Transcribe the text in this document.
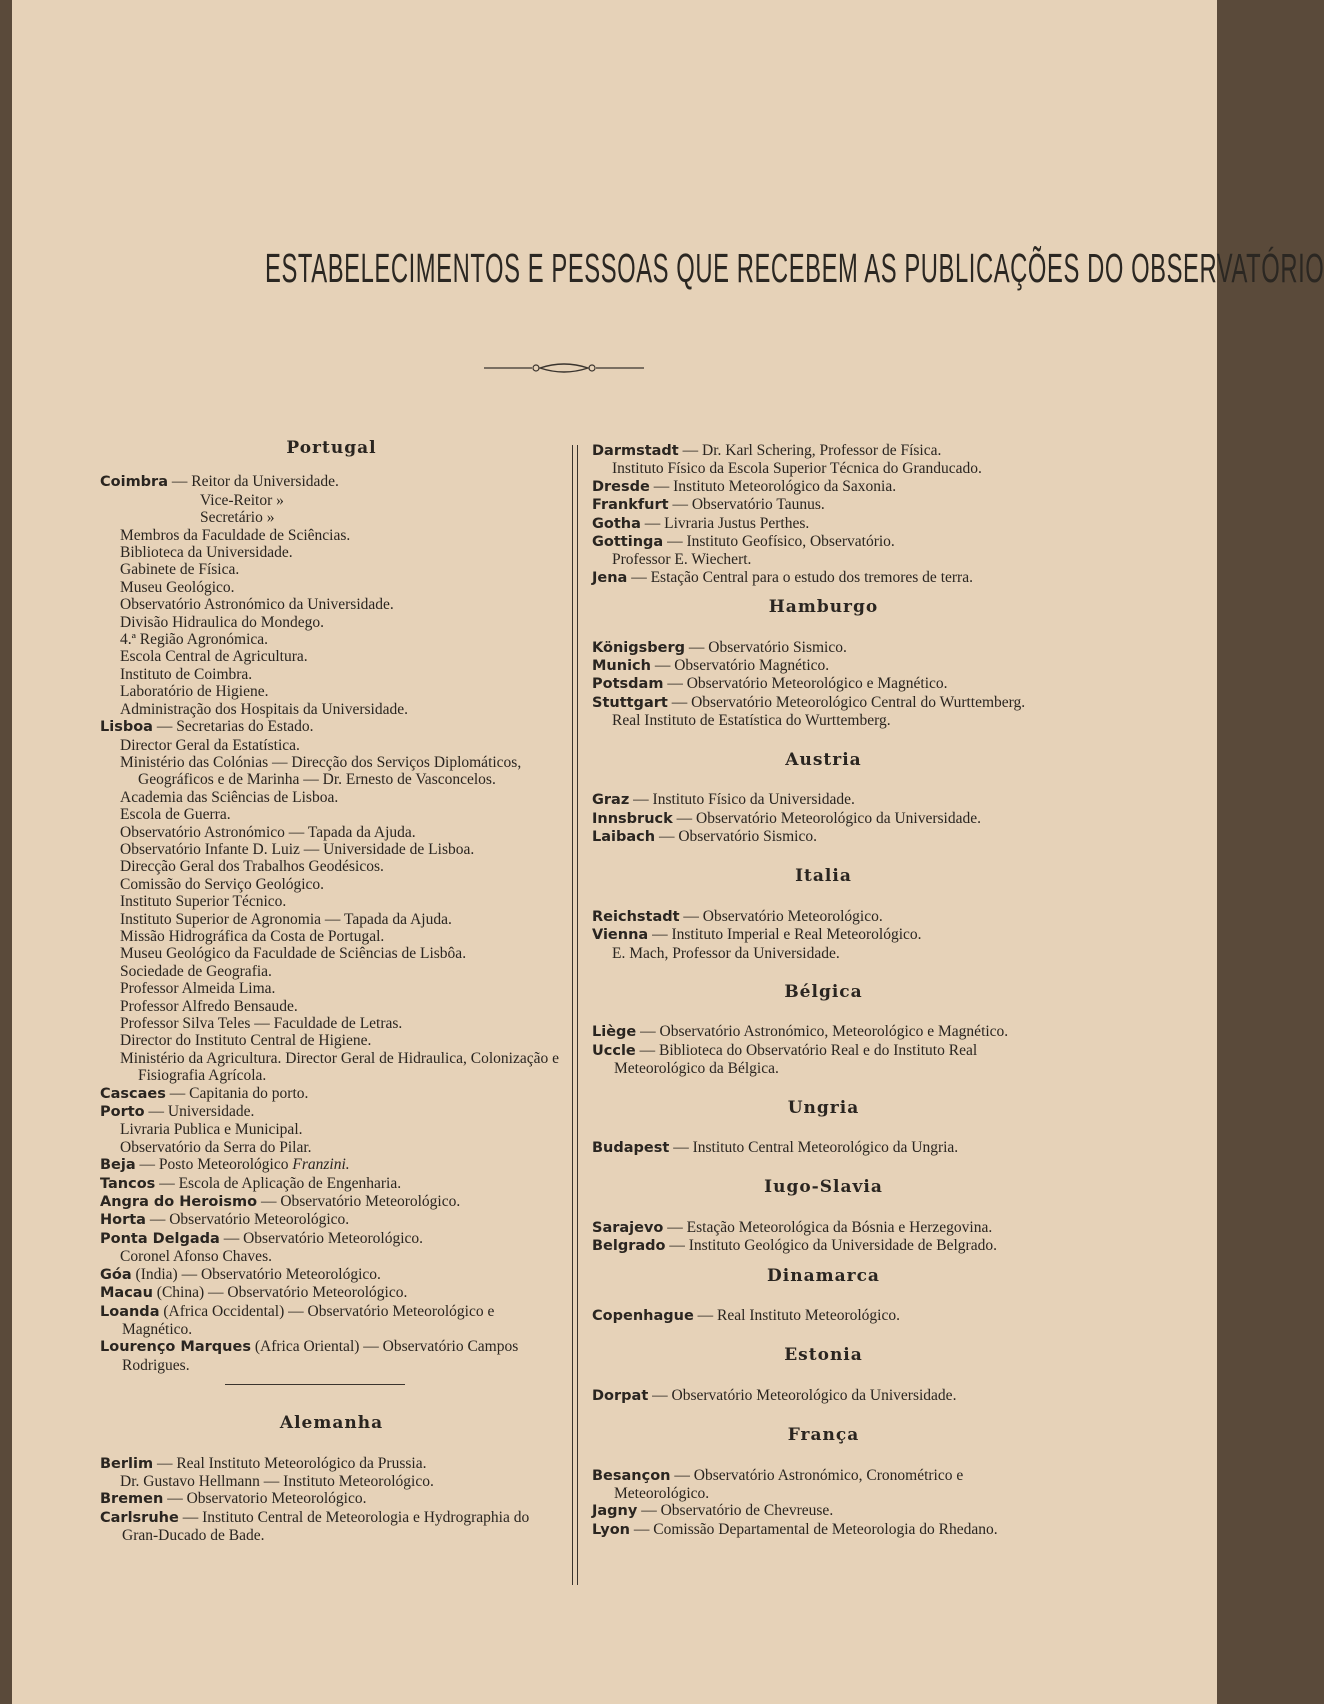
ESTABELECIMENTOS E PESSOAS QUE RECEBEM AS PUBLICAÇÕES DO OBSERVATÓRIO

Portugal

Coimbra — Reitor da Universidade.

Vice-Reitor »

Secretário »

Membros da Faculdade de Sciências.

Biblioteca da Universidade.

Gabinete de Física.

Museu Geológico.

Observatório Astronómico da Universidade.

Divisão Hidraulica do Mondego.

4.ª Região Agronómica.

Escola Central de Agricultura.

Instituto de Coimbra.

Laboratório de Higiene.

Administração dos Hospitais da Universidade.

Lisboa — Secretarias do Estado.

Director Geral da Estatística.

Ministério das Colónias — Direcção dos Serviços Diplomáticos, Geográficos e de Marinha — Dr. Ernesto de Vasconcelos.

Academia das Sciências de Lisboa.

Escola de Guerra.

Observatório Astronómico — Tapada da Ajuda.

Observatório Infante D. Luiz — Universidade de Lisboa.

Direcção Geral dos Trabalhos Geodésicos.

Comissão do Serviço Geológico.

Instituto Superior Técnico.

Instituto Superior de Agronomia — Tapada da Ajuda.

Missão Hidrográfica da Costa de Portugal.

Museu Geológico da Faculdade de Sciências de Lisbôa.

Sociedade de Geografia.

Professor Almeida Lima.

Professor Alfredo Bensaude.

Professor Silva Teles — Faculdade de Letras.

Director do Instituto Central de Higiene.

Ministério da Agricultura. Director Geral de Hidraulica, Colonização e Fisiografia Agrícola.

Cascaes — Capitania do porto.

Porto — Universidade.

Livraria Publica e Municipal.

Observatório da Serra do Pilar.

Beja — Posto Meteorológico Franzini.

Tancos — Escola de Aplicação de Engenharia.

Angra do Heroismo — Observatório Meteorológico.

Horta — Observatório Meteorológico.

Ponta Delgada — Observatório Meteorológico.

Coronel Afonso Chaves.

Góa (India) — Observatório Meteorológico.

Macau (China) — Observatório Meteorológico.

Loanda (Africa Occidental) — Observatório Meteorológico e Magnético.

Lourenço Marques (Africa Oriental) — Observatório Campos Rodrigues.

Alemanha

Berlim — Real Instituto Meteorológico da Prussia.

Dr. Gustavo Hellmann — Instituto Meteorológico.

Bremen — Observatorio Meteorológico.

Carlsruhe — Instituto Central de Meteorologia e Hydrographia do Gran-Ducado de Bade.

Darmstadt — Dr. Karl Schering, Professor de Física.

Instituto Físico da Escola Superior Técnica do Granducado.

Dresde — Instituto Meteorológico da Saxonia.

Frankfurt — Observatório Taunus.

Gotha — Livraria Justus Perthes.

Gottinga — Instituto Geofísico, Observatório.

Professor E. Wiechert.

Jena — Estação Central para o estudo dos tremores de terra.

Hamburgo

Königsberg — Observatório Sismico.

Munich — Observatório Magnético.

Potsdam — Observatório Meteorológico e Magnético.

Stuttgart — Observatório Meteorológico Central do Wurttemberg.

Real Instituto de Estatística do Wurttemberg.

Austria

Graz — Instituto Físico da Universidade.

Innsbruck — Observatório Meteorológico da Universidade.

Laibach — Observatório Sismico.

Italia

Reichstadt — Observatório Meteorológico.

Vienna — Instituto Imperial e Real Meteorológico.

E. Mach, Professor da Universidade.

Bélgica

Liège — Observatório Astronómico, Meteorológico e Magnético.

Uccle — Biblioteca do Observatório Real e do Instituto Real Meteorológico da Bélgica.

Ungria

Budapest — Instituto Central Meteorológico da Ungria.

Iugo-Slavia

Sarajevo — Estação Meteorológica da Bósnia e Herzegovina.

Belgrado — Instituto Geológico da Universidade de Belgrado.

Dinamarca

Copenhague — Real Instituto Meteorológico.

Estonia

Dorpat — Observatório Meteorológico da Universidade.

França

Besançon — Observatório Astronómico, Cronométrico e Meteorológico.

Jagny — Observatório de Chevreuse.

Lyon — Comissão Departamental de Meteorologia do Rhedano.
